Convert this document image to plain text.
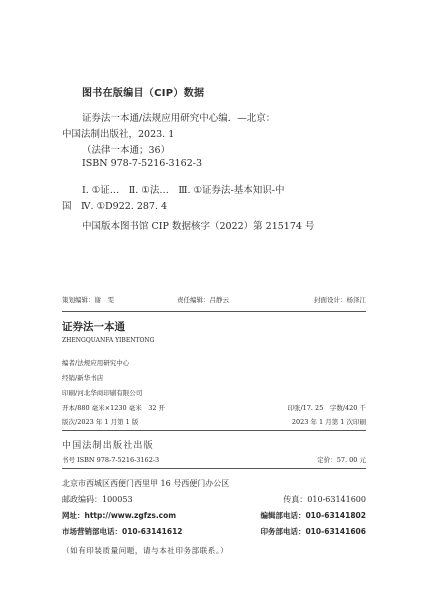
图书在版编目（CIP）数据
证券法一本通/法规应用研究中心编．—北京：
中国法制出版社，2023. 1
（法律一本通；36）
ISBN 978-7-5216-3162-3
Ⅰ. ①证…　Ⅱ. ①法…　Ⅲ. ①证券法-基本知识-中
国　Ⅳ. ①D922. 287. 4
中国版本图书馆 CIP 数据核字（2022）第 215174 号
策划编辑：谢　雯	责任编辑：吕静云	封面设计：杨泽江
证券法一本通
ZHENGQUANFA YIBENTONG
编者/法规应用研究中心
经销/新华书店
印刷/河北华商印刷有限公司
开本/880 毫米×1230 毫米　32 开	印张/17. 25　字数/420 千
版次/2023 年 1 月第 1 版	2023 年 1 月第 1 次印刷
中国法制出版社出版
书号 ISBN 978-7-5216-3162-3	定价：57. 00 元
北京市西城区西便门西里甲 16 号西便门办公区
邮政编码：100053	传真：010-63141600
网址：http://www.zgfzs.com	编辑部电话：010-63141802
市场营销部电话：010-63141612	印务部电话：010-63141606
（如有印装质量问题，请与本社印务部联系。）
